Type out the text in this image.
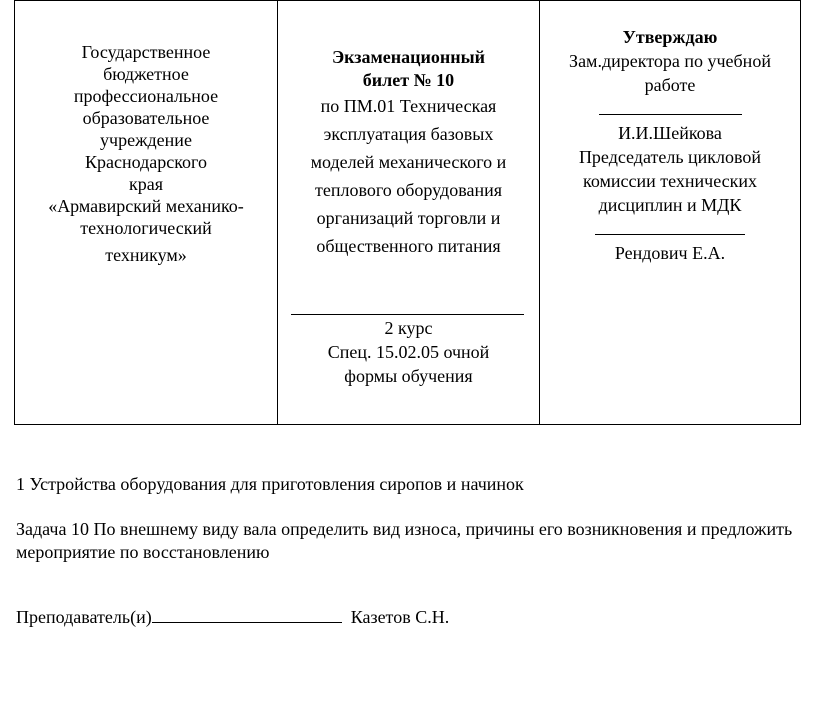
Государственное
бюджетное
профессиональное
образовательное
учреждение
Краснодарского
края
«Армавирский механико-
технологический
техникум»
Экзаменационный
билет № 10
по ПМ.01 Техническая
эксплуатация базовых
моделей механического и
теплового оборудования
организаций торговли и
общественного питания
2 курс
Спец. 15.02.05 очной
формы обучения
Утверждаю
Зам.директора по учебной
работе
И.И.Шейкова
Председатель цикловой
комиссии технических
дисциплин и МДК
Рендович Е.А.
1 Устройства оборудования для приготовления сиропов и начинок
Задача 10 По внешнему виду вала определить вид износа, причины его возникновения и предложить мероприятие по восстановлению
Преподаватель(и)	Казетов С.Н.
